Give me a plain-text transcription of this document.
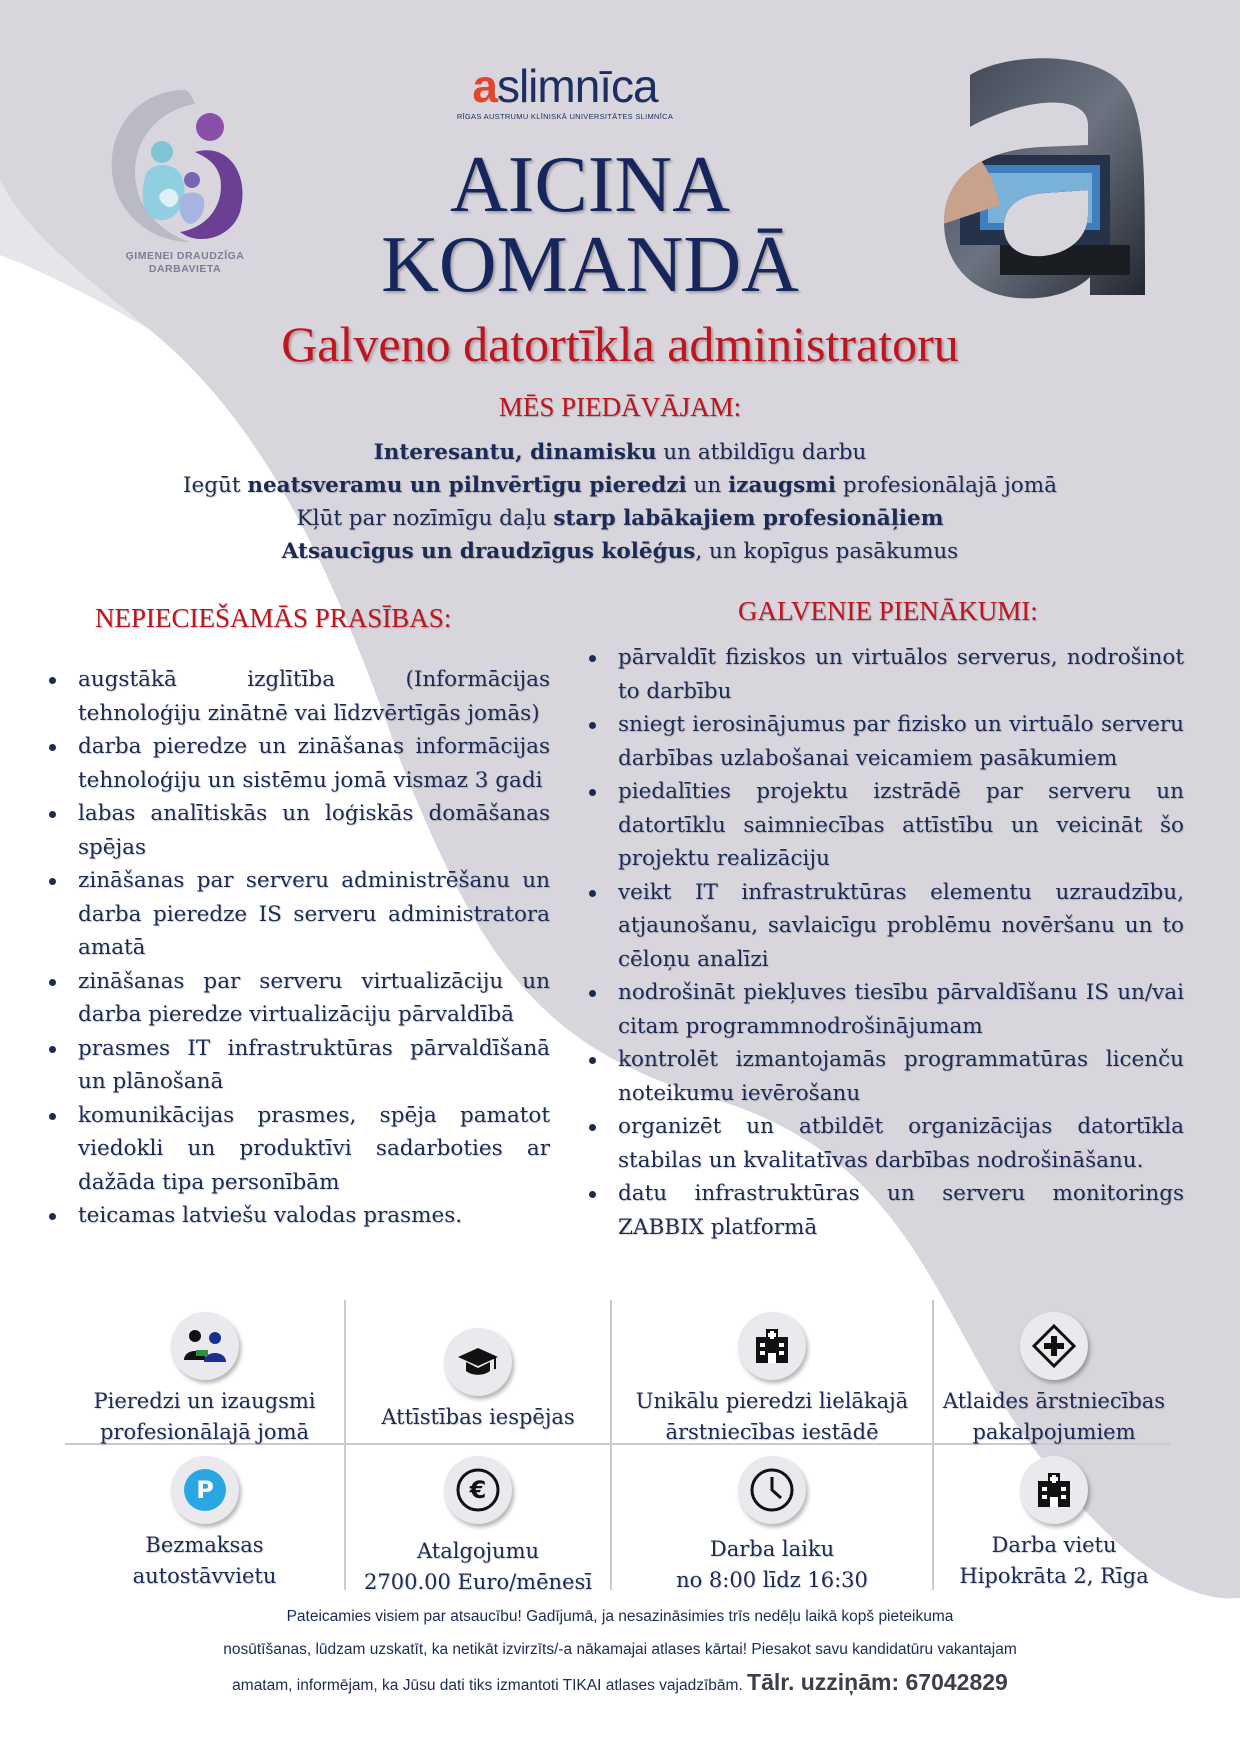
aslimnīca
RĪGAS AUSTRUMU KLĪNISKĀ UNIVERSITĀTES SLIMNĪCA
ĢIMENEI DRAUDZĪGA
DARBAVIETA
AICINA
KOMANDĀ
Galveno datortīkla administratoru
MĒS PIEDĀVĀJAM:
Interesantu, dinamisku un atbildīgu darbu
Iegūt neatsveramu un pilnvērtīgu pieredzi un izaugsmi profesionālajā jomā
Kļūt par nozīmīgu daļu starp labākajiem profesionāļiem
Atsaucīgus un draudzīgus kolēģus, un kopīgus pasākumus
NEPIECIEŠAMĀS PRASĪBAS:
augstākā izglītība (Informācijas tehnoloģiju zinātnē vai līdzvērtīgās jomās)
darba pieredze un zināšanas informācijas tehnoloģiju un sistēmu jomā vismaz 3 gadi
labas analītiskās un loģiskās domāšanas spējas
zināšanas par serveru administrēšanu un darba pieredze IS serveru administratora amatā
zināšanas par serveru virtualizāciju un darba pieredze virtualizāciju pārvaldībā
prasmes IT infrastruktūras pārvaldīšanā un plānošanā
komunikācijas prasmes, spēja pamatot viedokli un produktīvi sadarboties ar dažāda tipa personībām
teicamas latviešu valodas prasmes.
GALVENIE PIENĀKUMI:
pārvaldīt fiziskos un virtuālos serverus, nodrošinot to darbību
sniegt ierosinājumus par fizisko un virtuālo serveru darbības uzlabošanai veicamiem pasākumiem
piedalīties projektu izstrādē par serveru un datortīklu saimniecības attīstību un veicināt šo projektu realizāciju
veikt IT infrastruktūras elementu uzraudzību, atjaunošanu, savlaicīgu problēmu novēršanu un to cēloņu analīzi
nodrošināt piekļuves tiesību pārvaldīšanu IS un/vai citam programmnodrošinājumam
kontrolēt izmantojamās programmatūras licenču noteikumu ievērošanu
organizēt un atbildēt organizācijas datortīkla stabilas un kvalitatīvas darbības nodrošināšanu.
datu infrastruktūras un serveru monitorings ZABBIX platformā
Pieredzi un izaugsmi
profesionālajā jomā
Attīstības iespējas
Unikālu pieredzi lielākajā
ārstniecības iestādē
Atlaides ārstniecības
pakalpojumiem
P
Bezmaksas
autostāvvietu
€
Atalgojumu
2700.00 Euro/mēnesī
Darba laiku
no 8:00 līdz 16:30
Darba vietu
Hipokrāta 2, Rīga
Pateicamies visiem par atsaucību! Gadījumā, ja nesazināsimies trīs nedēļu laikā kopš pieteikuma
nosūtīšanas, lūdzam uzskatīt, ka netikāt izvirzīts/-a nākamajai atlases kārtai! Piesakot savu kandidatūru vakantajam
amatam, informējam, ka Jūsu dati tiks izmantoti TIKAI atlases vajadzībām. Tālr. uzziņām: 67042829
